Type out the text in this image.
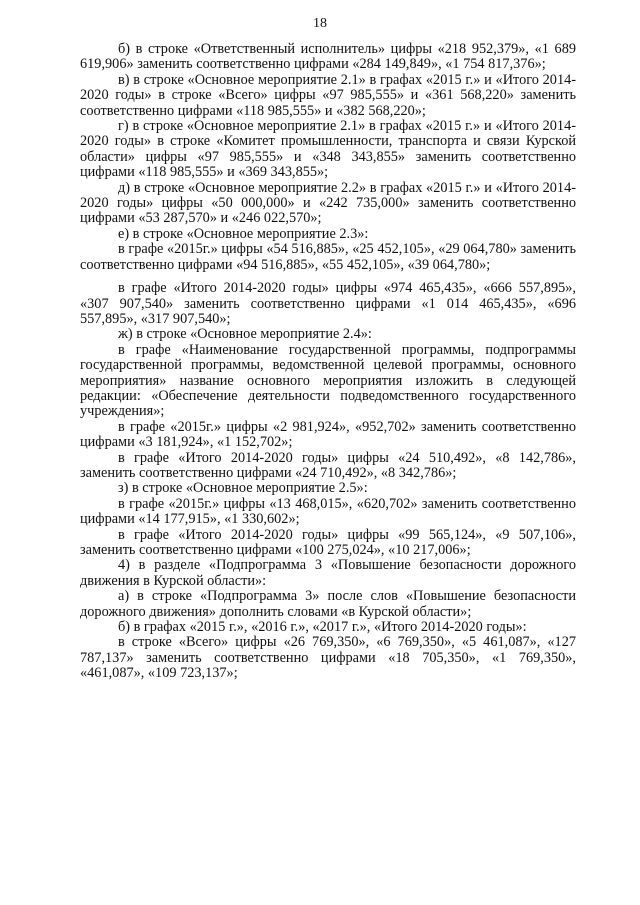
18

б) в строке «Ответственный исполнитель» цифры «218 952,379», «1 689 619,906» заменить соответственно цифрами «284 149,849», «1 754 817,376»;

в) в строке «Основное мероприятие 2.1» в графах «2015 г.» и «Итого 2014-2020 годы» в строке «Всего» цифры «97 985,555» и «361 568,220» заменить соответственно цифрами «118 985,555» и «382 568,220»;

г) в строке «Основное мероприятие 2.1» в графах «2015 г.» и «Итого 2014-2020 годы» в строке «Комитет промышленности, транспорта и связи Курской области» цифры «97 985,555» и «348 343,855» заменить соответственно цифрами «118 985,555» и «369 343,855»;

д) в строке «Основное мероприятие 2.2» в графах «2015 г.» и «Итого 2014-2020 годы» цифры «50 000,000» и «242 735,000» заменить соответственно цифрами «53 287,570» и «246 022,570»;

е) в строке «Основное мероприятие 2.3»:

в графе «2015г.» цифры «54 516,885», «25 452,105», «29 064,780» заменить соответственно цифрами «94 516,885», «55 452,105», «39 064,780»;

в графе «Итого 2014-2020 годы» цифры «974 465,435», «666 557,895», «307 907,540» заменить соответственно цифрами «1 014 465,435», «696 557,895», «317 907,540»;

ж) в строке «Основное мероприятие 2.4»:

в графе «Наименование государственной программы, подпрограммы государственной программы, ведомственной целевой программы, основного мероприятия» название основного мероприятия изложить в следующей редакции: «Обеспечение деятельности подведомственного государственного учреждения»;

в графе «2015г.» цифры «2 981,924», «952,702» заменить соответственно цифрами «3 181,924», «1 152,702»;

в графе «Итого 2014-2020 годы» цифры «24 510,492», «8 142,786», заменить соответственно цифрами «24 710,492», «8 342,786»;

з) в строке «Основное мероприятие 2.5»:

в графе «2015г.» цифры «13 468,015», «620,702» заменить соответственно цифрами «14 177,915», «1 330,602»;

в графе «Итого 2014-2020 годы» цифры «99 565,124», «9 507,106», заменить соответственно цифрами «100 275,024», «10 217,006»;

4) в разделе «Подпрограмма 3 «Повышение безопасности дорожного движения в Курской области»:

а) в строке «Подпрограмма 3» после слов «Повышение безопасности дорожного движения» дополнить словами «в Курской области»;

б) в графах «2015 г.», «2016 г.», «2017 г.», «Итого 2014-2020 годы»:

в строке «Всего» цифры «26 769,350», «6 769,350», «5 461,087», «127 787,137» заменить соответственно цифрами «18 705,350», «1 769,350», «461,087», «109 723,137»;
